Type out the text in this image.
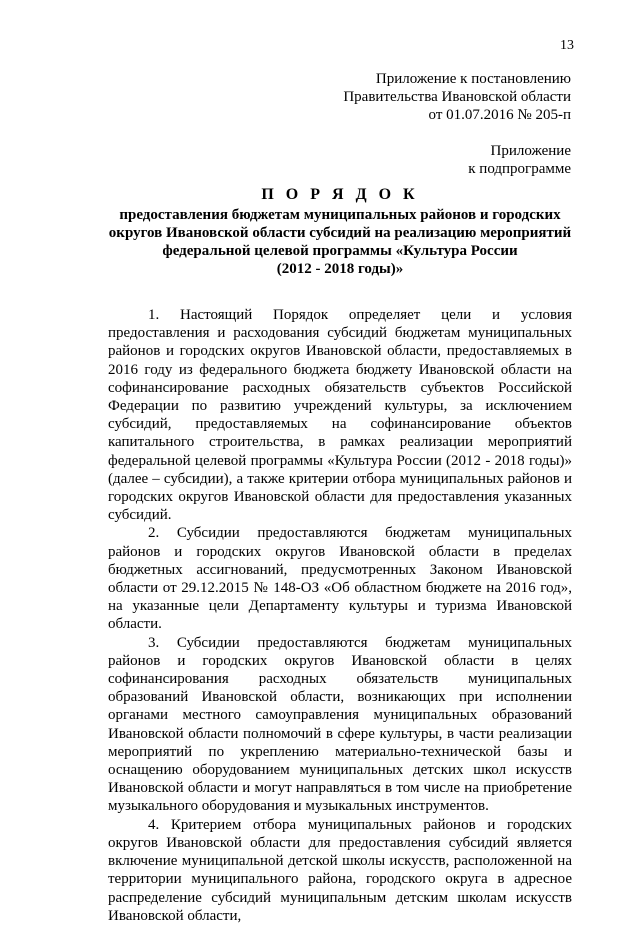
13
Приложение к постановлению
Правительства Ивановской области
от 01.07.2016 № 205-п
Приложение
к подпрограмме
П О Р Я Д О К
предоставления бюджетам муниципальных районов и городских
округов Ивановской области субсидий на реализацию мероприятий
федеральной целевой программы «Культура России
(2012 - 2018 годы)»

1. Настоящий Порядок определяет цели и условия предоставления и расходования субсидий бюджетам муниципальных районов и городских округов Ивановской области, предоставляемых в 2016 году из федерального бюджета бюджету Ивановской области на софинансирование расходных обязательств субъектов Российской Федерации по развитию учреждений культуры, за исключением субсидий, предоставляемых на софинансирование объектов капитального строительства, в рамках реализации мероприятий федеральной целевой программы «Культура России (2012 - 2018 годы)» (далее – субсидии), а также критерии отбора муниципальных районов и городских округов Ивановской области для предоставления указанных субсидий.

2. Субсидии предоставляются бюджетам муниципальных районов и городских округов Ивановской области в пределах бюджетных ассигнований, предусмотренных Законом Ивановской области от 29.12.2015 № 148-ОЗ «Об областном бюджете на 2016 год», на указанные цели Департаменту культуры и туризма Ивановской области.

3. Субсидии предоставляются бюджетам муниципальных районов и городских округов Ивановской области в целях софинансирования расходных обязательств муниципальных образований Ивановской области, возникающих при исполнении органами местного самоуправления муниципальных образований Ивановской области полномочий в сфере культуры, в части реализации мероприятий по укреплению материально-технической базы и оснащению оборудованием муниципальных детских школ искусств Ивановской области и могут направляться в том числе на приобретение музыкального оборудования и музыкальных инструментов.

4. Критерием отбора муниципальных районов и городских округов Ивановской области для предоставления субсидий является включение муниципальной детской школы искусств, расположенной на территории муниципального района, городского округа в адресное распределение субсидий муниципальным детским школам искусств Ивановской области,
